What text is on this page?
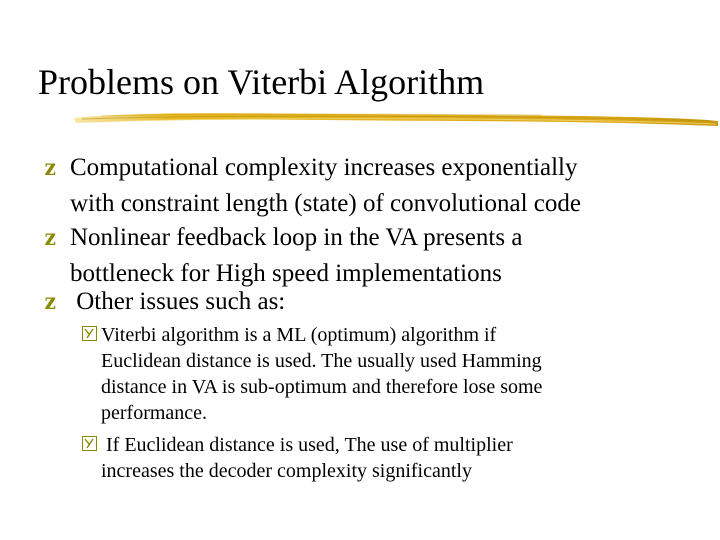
Problems on Viterbi Algorithm
z Computational complexity increases exponentially
with constraint length (state) of convolutional code
z Nonlinear feedback loop in the VA presents a
bottleneck for High speed implementations
z Other issues such as:
Viterbi algorithm is a ML (optimum) algorithm if
Euclidean distance is used. The usually used Hamming
distance in VA is sub-optimum and therefore lose some
performance.
If Euclidean distance is used, The use of multiplier
increases the decoder complexity significantly
